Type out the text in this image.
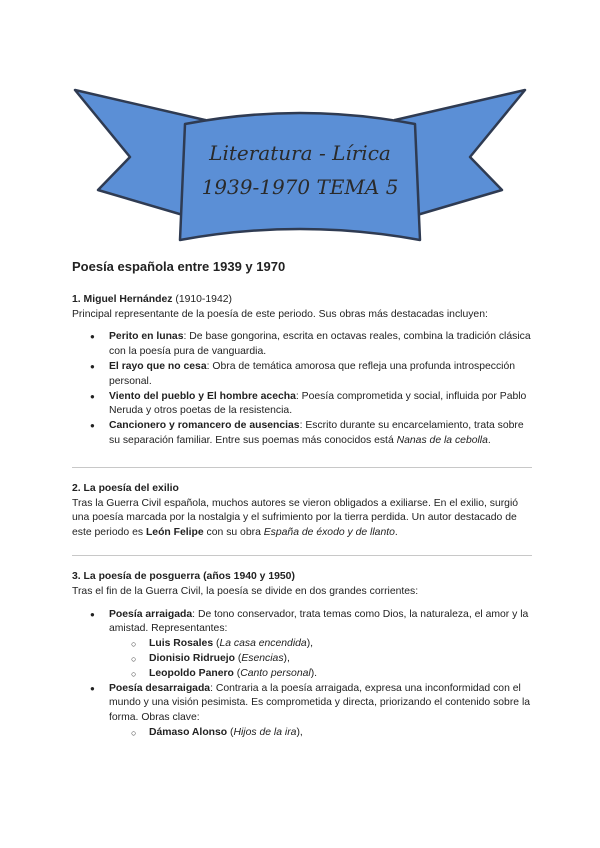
Literatura - Lírica
1939-1970 TEMA 5
Poesía española entre 1939 y 1970

1. Miguel Hernández (1910-1942)

Principal representante de la poesía de este periodo. Sus obras más destacadas incluyen:

● Perito en lunas: De base gongorina, escrita en octavas reales, combina la tradición clásica con la poesía pura de vanguardia.
● El rayo que no cesa: Obra de temática amorosa que refleja una profunda introspección personal.
● Viento del pueblo y El hombre acecha: Poesía comprometida y social, influida por Pablo Neruda y otros poetas de la resistencia.
● Cancionero y romancero de ausencias: Escrito durante su encarcelamiento, trata sobre su separación familiar. Entre sus poemas más conocidos está Nanas de la cebolla.
2. La poesía del exilio

Tras la Guerra Civil española, muchos autores se vieron obligados a exiliarse. En el exilio, surgió una poesía marcada por la nostalgia y el sufrimiento por la tierra perdida. Un autor destacado de este periodo es León Felipe con su obra España de éxodo y de llanto.

3. La poesía de posguerra (años 1940 y 1950)

Tras el fin de la Guerra Civil, la poesía se divide en dos grandes corrientes:

● Poesía arraigada: De tono conservador, trata temas como Dios, la naturaleza, el amor y la amistad. Representantes:
○ Luis Rosales (La casa encendida),
○ Dionisio Ridruejo (Esencias),
○ Leopoldo Panero (Canto personal).
● Poesía desarraigada: Contraria a la poesía arraigada, expresa una inconformidad con el mundo y una visión pesimista. Es comprometida y directa, priorizando el contenido sobre la forma. Obras clave:
○ Dámaso Alonso (Hijos de la ira),
